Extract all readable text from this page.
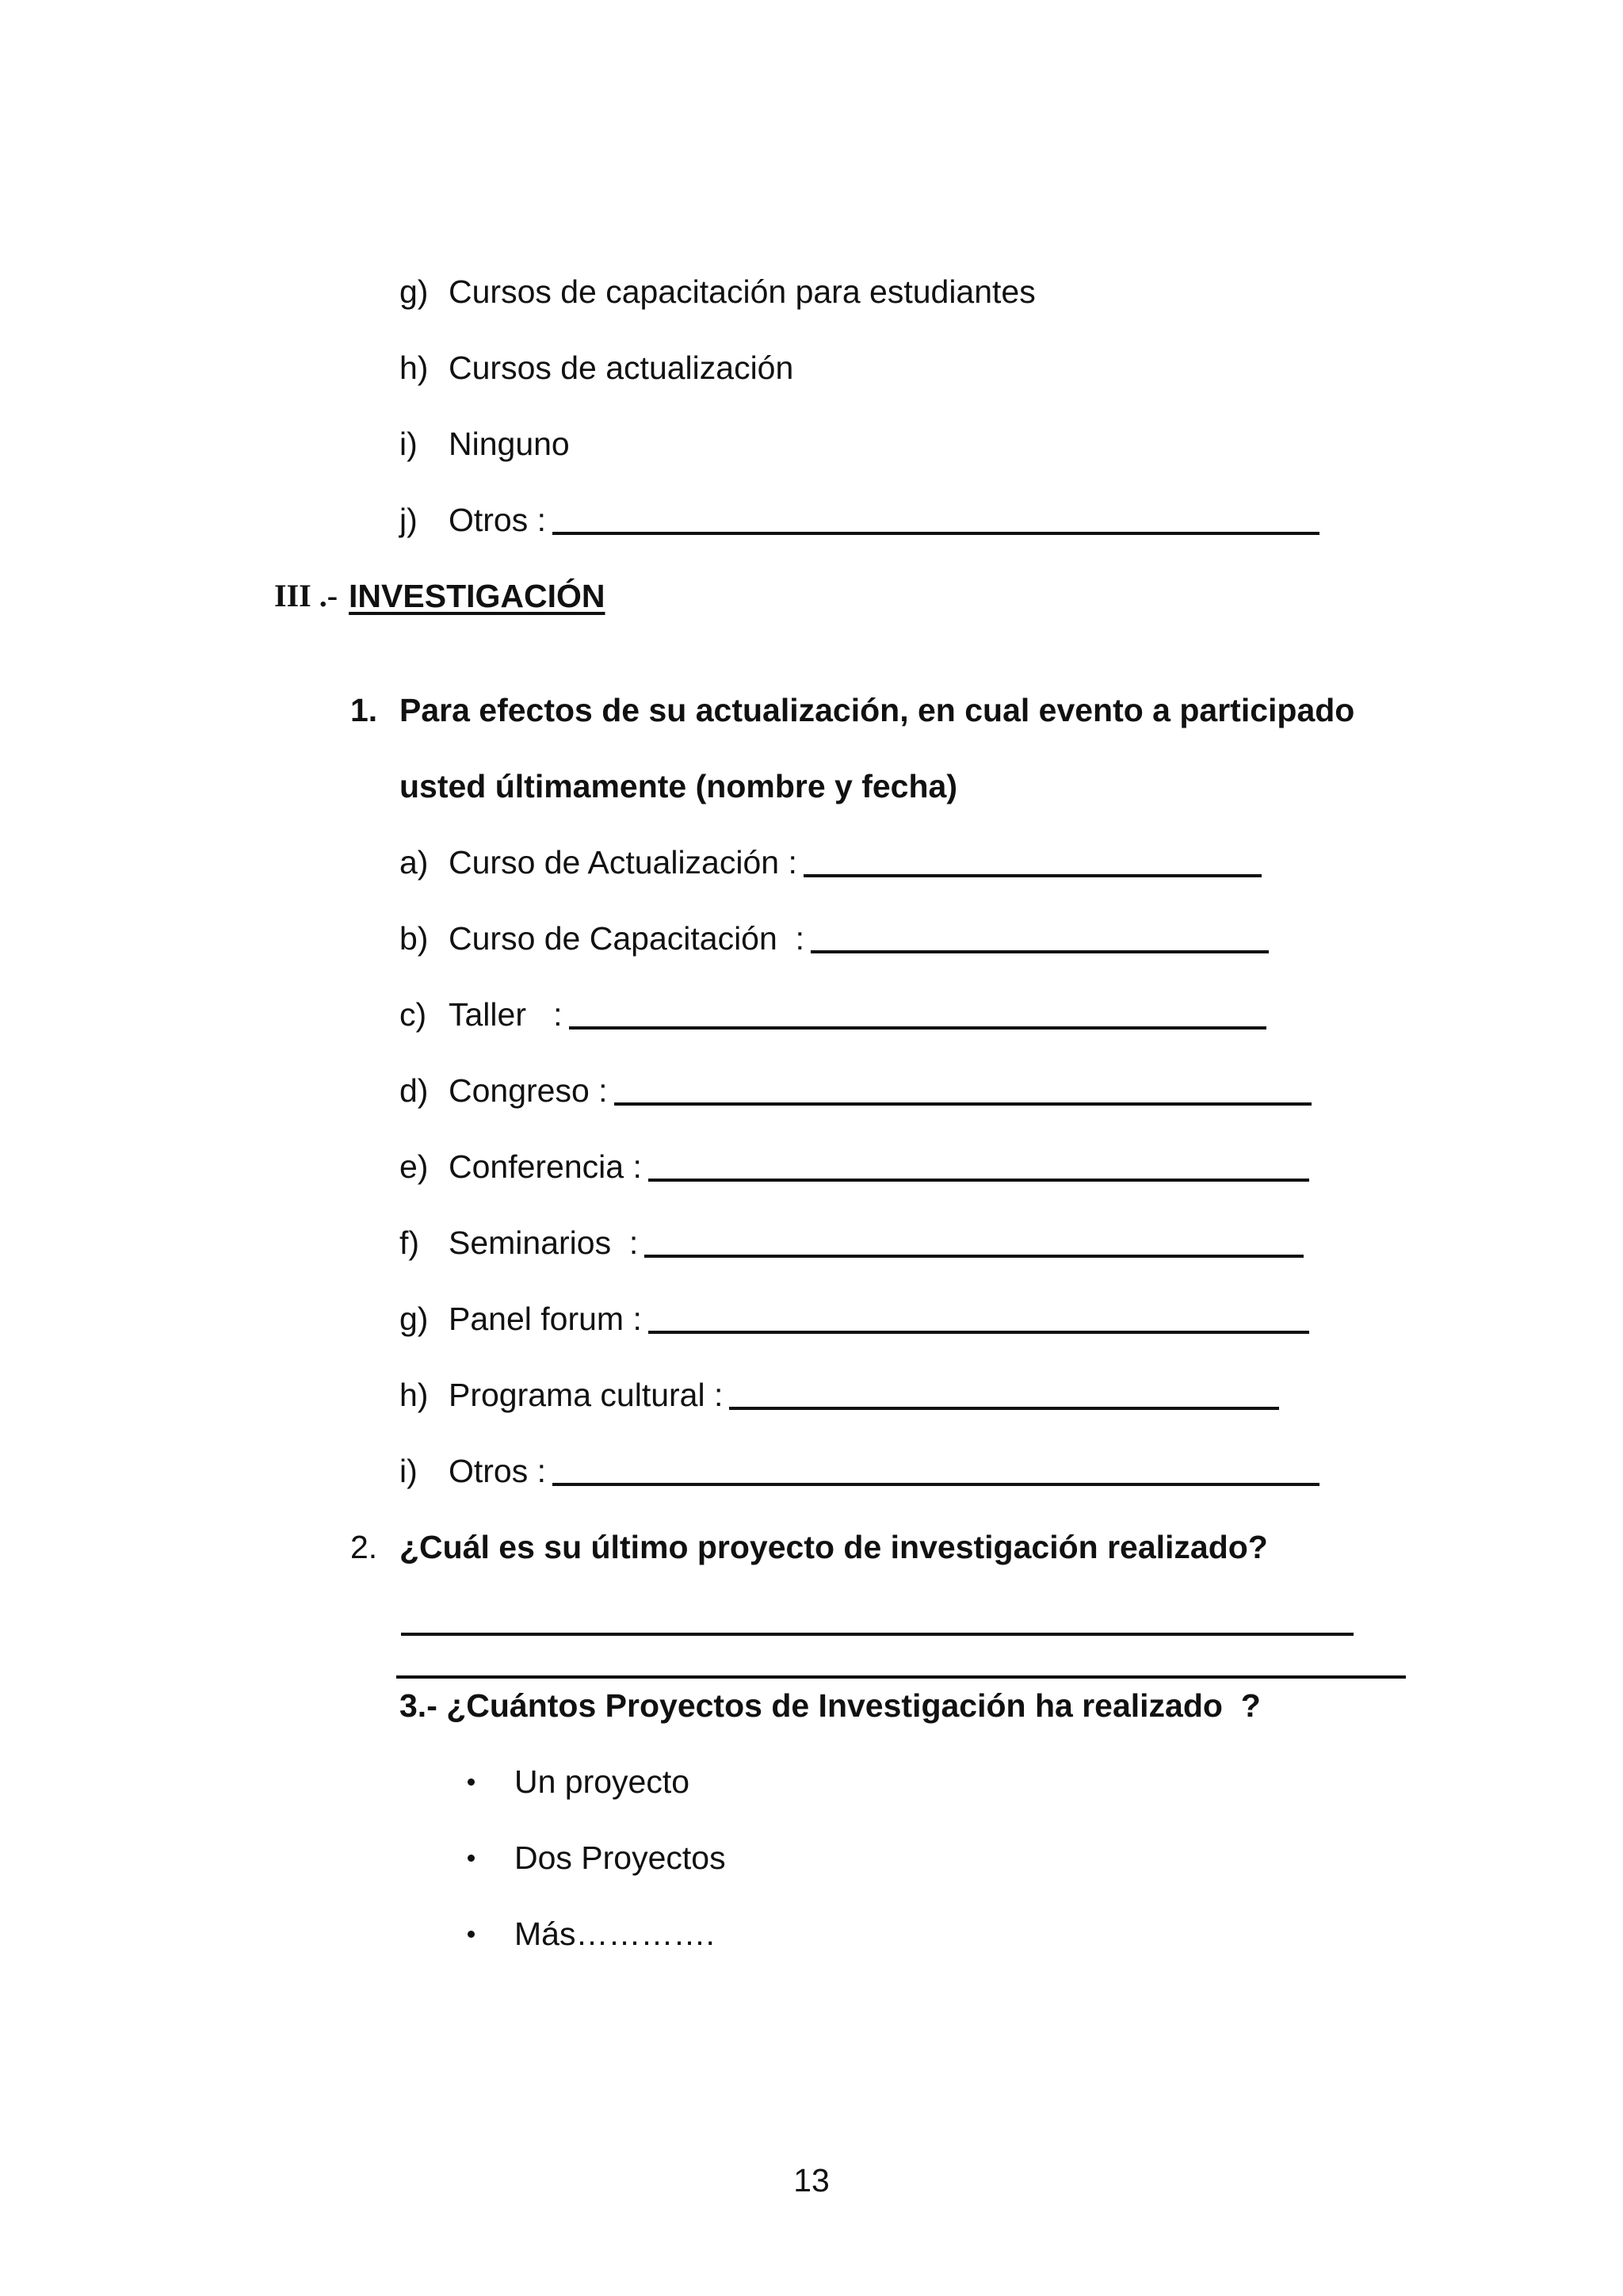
g) Cursos de capacitación para estudiantes
h) Cursos de actualización
i) Ninguno
j) Otros :
III .- INVESTIGACIÓN
1. Para efectos de su actualización, en cual evento a participado
usted últimamente (nombre y fecha)
a) Curso de Actualización :
b) Curso de Capacitación  :
c) Taller   :
d) Congreso :
e) Conferencia :
f) Seminarios  :
g) Panel forum :
h) Programa cultural :
i) Otros :
2. ¿Cuál es su último proyecto de investigación realizado?
3.- ¿Cuántos Proyectos de Investigación ha realizado  ?
Un proyecto
Dos Proyectos
Más………….
13
